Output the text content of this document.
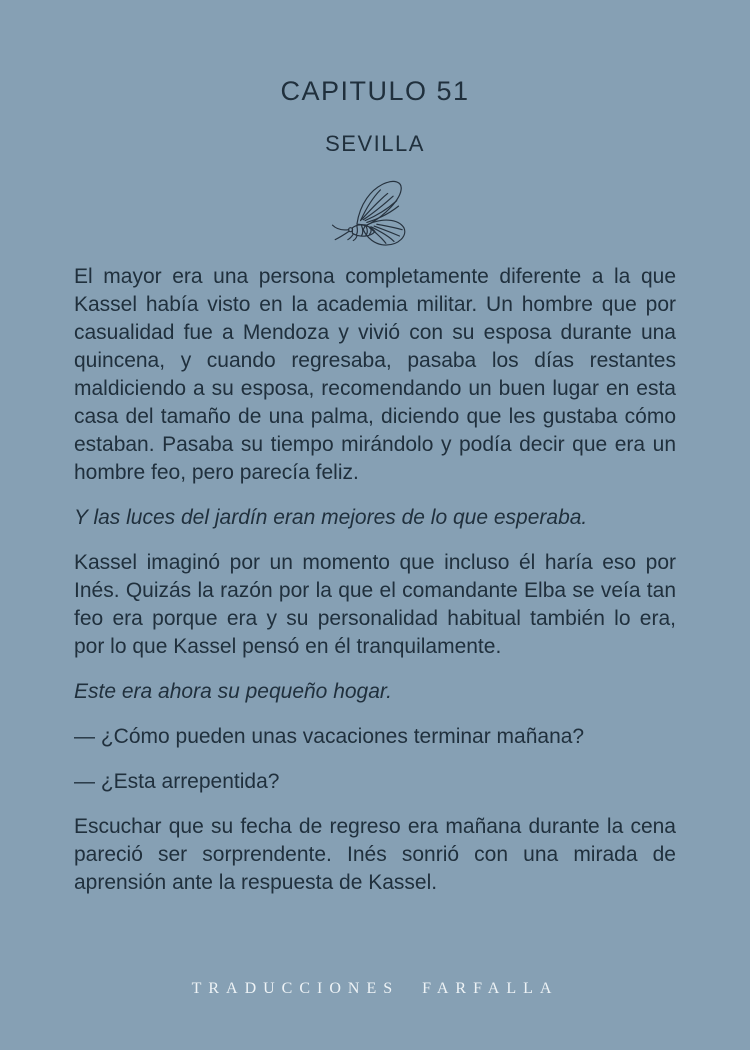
CAPITULO 51
SEVILLA

El mayor era una persona completamente diferente a la que Kassel había visto en la academia militar. Un hombre que por casualidad fue a Mendoza y vivió con su esposa durante una quincena, y cuando regresaba, pasaba los días restantes maldiciendo a su esposa, recomendando un buen lugar en esta casa del tamaño de una palma, diciendo que les gustaba cómo estaban. Pasaba su tiempo mirándolo y podía decir que era un hombre feo, pero parecía feliz.

Y las luces del jardín eran mejores de lo que esperaba.

Kassel imaginó por un momento que incluso él haría eso por Inés. Quizás la razón por la que el comandante Elba se veía tan feo era porque era y su personalidad habitual también lo era, por lo que Kassel pensó en él tranquilamente.

Este era ahora su pequeño hogar.

— ¿Cómo pueden unas vacaciones terminar mañana?

— ¿Esta arrepentida?

Escuchar que su fecha de regreso era mañana durante la cena pareció ser sorprendente. Inés sonrió con una mirada de aprensión ante la respuesta de Kassel.

TRADUCCIONES FARFALLA
